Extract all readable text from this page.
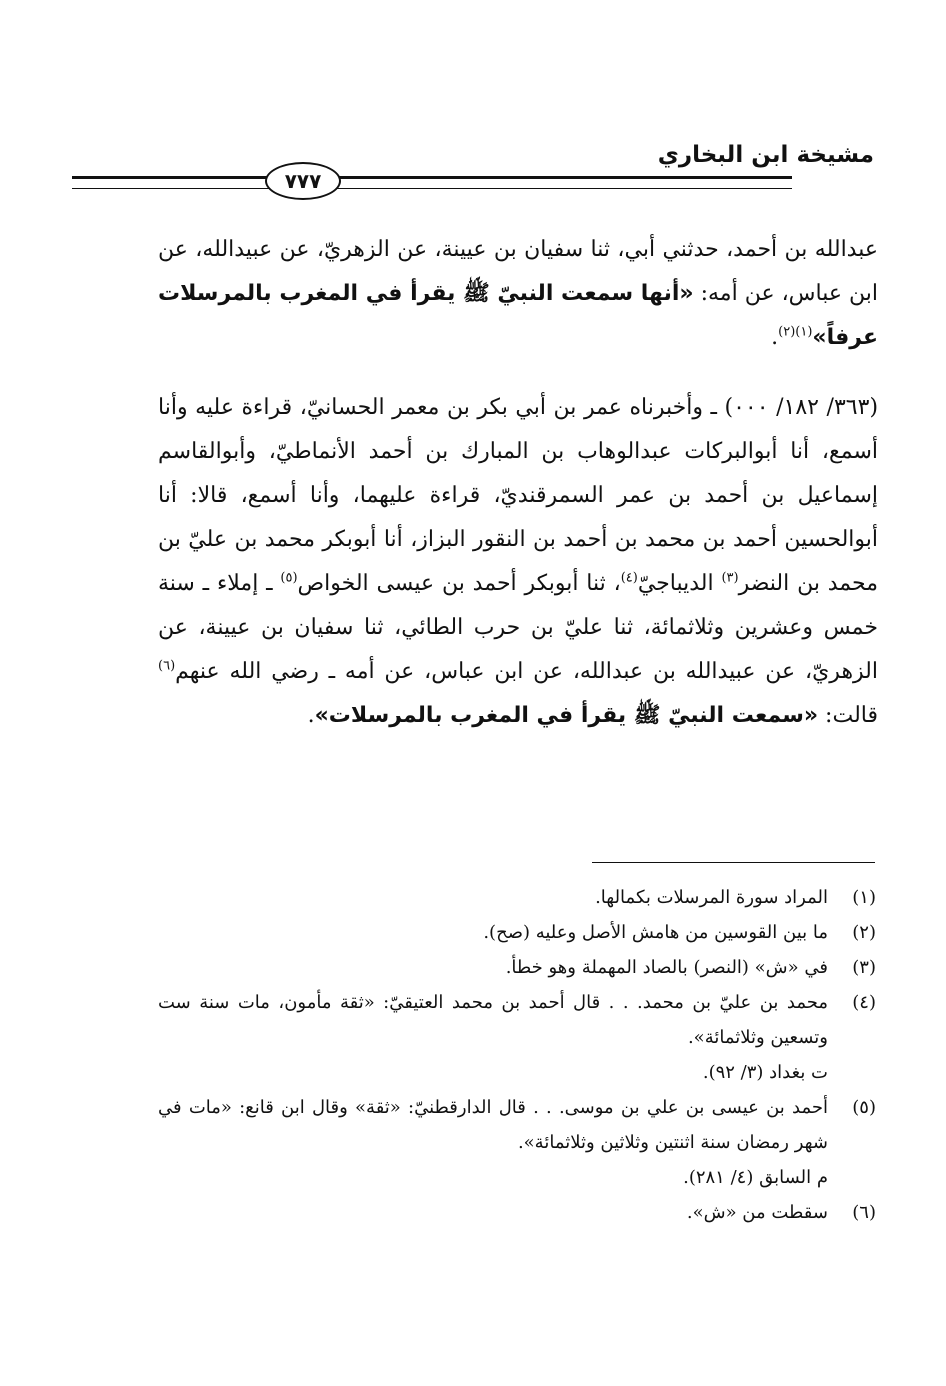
مشيخة ابن البخاري
٧٧٧

عبدالله بن أحمد، حدثني أبي، ثنا سفيان بن عيينة، عن الزهريّ، عن عبيدالله، عن ابن عباس، عن أمه: «أنها سمعت النبيّ ﷺ يقرأ في المغرب بالمرسلات عرفاً»$^{(١)(٢)}$.

(٣٦٣/ ١٨٢/ ٠٠٠) ـ وأخبرناه عمر بن أبي بكر بن معمر الحسانيّ، قراءة عليه وأنا أسمع، أنا أبوالبركات عبدالوهاب بن المبارك بن أحمد الأنماطيّ، وأبوالقاسم إسماعيل بن أحمد بن عمر السمرقنديّ، قراءة عليهما، وأنا أسمع، قالا: أنا أبوالحسين أحمد بن محمد بن أحمد بن النقور البزاز، أنا أبوبكر محمد بن عليّ بن محمد بن النضر$^{(٣)}$ الديباجيّ$^{(٤)}$، ثنا أبوبكر أحمد بن عيسى الخواص$^{(٥)}$ ـ إملاء ـ سنة خمس وعشرين وثلاثمائة، ثنا عليّ بن حرب الطائي، ثنا سفيان بن عيينة، عن الزهريّ، عن عبيدالله بن عبدالله، عن ابن عباس، عن أمه ـ رضي الله عنهم$^{(٦)}$ قالت: «سمعت النبيّ ﷺ يقرأ في المغرب بالمرسلات».

(١)
المراد سورة المرسلات بكمالها.
(٢)
ما بين القوسين من هامش الأصل وعليه (صح).
(٣)
في «ش» (النصر) بالصاد المهملة وهو خطأ.
(٤)
محمد بن عليّ بن محمد. . . قال أحمد بن محمد العتيقيّ: «ثقة مأمون، مات سنة ست وتسعين وثلاثمائة».
ت بغداد (٣/ ٩٢).
(٥)
أحمد بن عيسى بن علي بن موسى. . . قال الدارقطنيّ: «ثقة» وقال ابن قانع: «مات في شهر رمضان سنة اثنتين وثلاثين وثلاثمائة».
م السابق (٤/ ٢٨١).
(٦)
سقطت من «ش».
